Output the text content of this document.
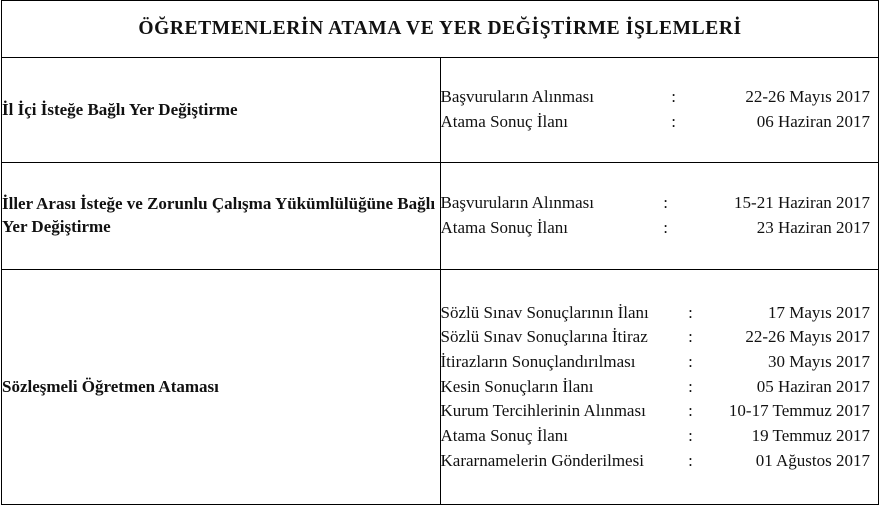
ÖĞRETMENLERİN ATAMA VE YER DEĞİŞTİRME İŞLEMLERİ	

İl İçi İsteğe Bağlı Yer Değiştirme	Başvuruların Alınması	:	22-26 Mayıs 2017
Atama Sonuç İlanı	:	06 Haziran 2017

İller Arası İsteğe ve Zorunlu Çalışma Yükümlülüğüne Bağlı Yer Değiştirme	Başvuruların Alınması	:	15-21 Haziran 2017
Atama Sonuç İlanı	:	23 Haziran 2017

Sözleşmeli Öğretmen Ataması

Sözlü Sınav Sonuçlarının İlanı	:	17 Mayıs 2017
Sözlü Sınav Sonuçlarına İtiraz	:	22-26 Mayıs 2017
İtirazların Sonuçlandırılması	:	30 Mayıs 2017
Kesin Sonuçların İlanı	:	05 Haziran 2017
Kurum Tercihlerinin Alınması	:	10-17 Temmuz 2017
Atama Sonuç İlanı	:	19 Temmuz 2017
Kararnamelerin Gönderilmesi	:	01 Ağustos 2017
